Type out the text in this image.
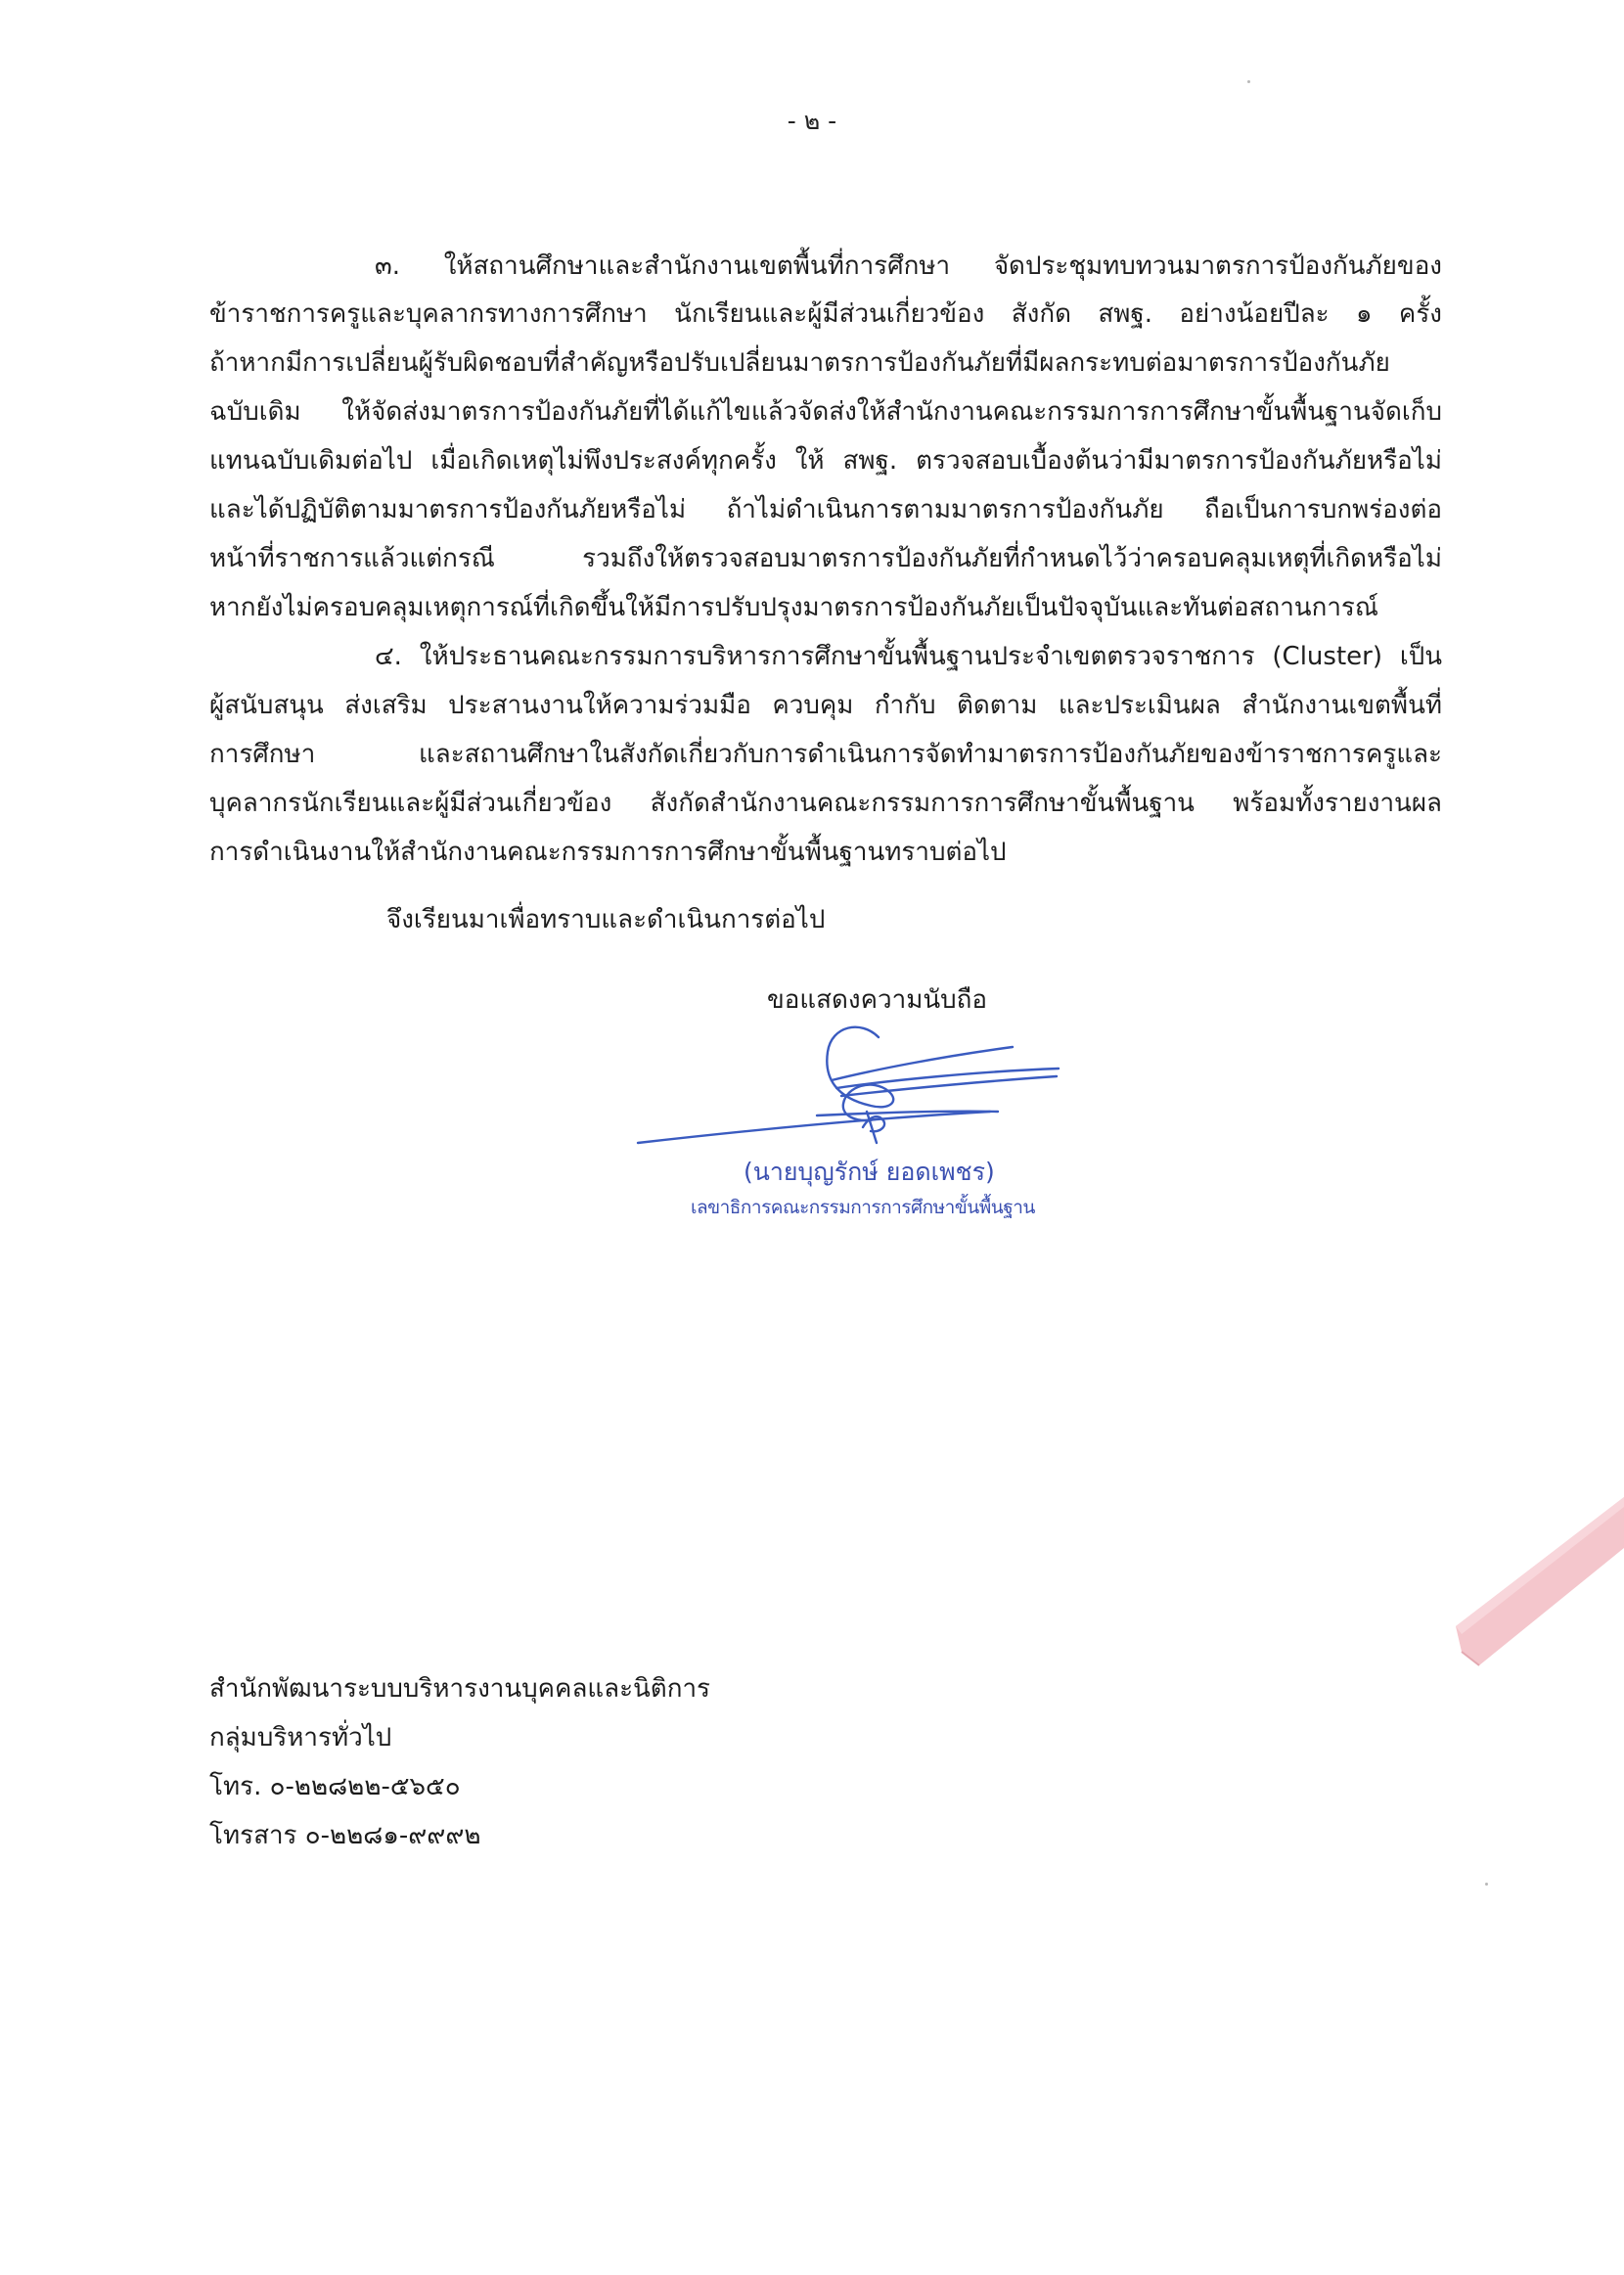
- ๒ -
๓. ให้สถานศึกษาและสำนักงานเขตพื้นที่การศึกษา จัดประชุมทบทวนมาตรการป้องกันภัยของ
ข้าราชการครูและบุคลากรทางการศึกษา นักเรียนและผู้มีส่วนเกี่ยวข้อง สังกัด สพฐ. อย่างน้อยปีละ ๑ ครั้ง
ถ้าหากมีการเปลี่ยนผู้รับผิดชอบที่สำคัญหรือปรับเปลี่ยนมาตรการป้องกันภัยที่มีผลกระทบต่อมาตรการป้องกันภัย
ฉบับเดิม ให้จัดส่งมาตรการป้องกันภัยที่ได้แก้ไขแล้วจัดส่งให้สำนักงานคณะกรรมการการศึกษาขั้นพื้นฐานจัดเก็บ
แทนฉบับเดิมต่อไป เมื่อเกิดเหตุไม่พึงประสงค์ทุกครั้ง ให้ สพฐ. ตรวจสอบเบื้องต้นว่ามีมาตรการป้องกันภัยหรือไม่
และได้ปฏิบัติตามมาตรการป้องกันภัยหรือไม่ ถ้าไม่ดำเนินการตามมาตรการป้องกันภัย ถือเป็นการบกพร่องต่อ
หน้าที่ราชการแล้วแต่กรณี รวมถึงให้ตรวจสอบมาตรการป้องกันภัยที่กำหนดไว้ว่าครอบคลุมเหตุที่เกิดหรือไม่
หากยังไม่ครอบคลุมเหตุการณ์ที่เกิดขึ้นให้มีการปรับปรุงมาตรการป้องกันภัยเป็นปัจจุบันและทันต่อสถานการณ์
๔. ให้ประธานคณะกรรมการบริหารการศึกษาขั้นพื้นฐานประจำเขตตรวจราชการ (Cluster) เป็น
ผู้สนับสนุน ส่งเสริม ประสานงานให้ความร่วมมือ ควบคุม กำกับ ติดตาม และประเมินผล สำนักงานเขตพื้นที่
การศึกษา และสถานศึกษาในสังกัดเกี่ยวกับการดำเนินการจัดทำมาตรการป้องกันภัยของข้าราชการครูและ
บุคลากรนักเรียนและผู้มีส่วนเกี่ยวข้อง สังกัดสำนักงานคณะกรรมการการศึกษาขั้นพื้นฐาน พร้อมทั้งรายงานผล
การดำเนินงานให้สำนักงานคณะกรรมการการศึกษาขั้นพื้นฐานทราบต่อไป
จึงเรียนมาเพื่อทราบและดำเนินการต่อไป
ขอแสดงความนับถือ
(นายบุญรักษ์ ยอดเพชร)
เลขาธิการคณะกรรมการการศึกษาขั้นพื้นฐาน
สำนักพัฒนาระบบบริหารงานบุคคลและนิติการ
กลุ่มบริหารทั่วไป
โทร. ๐-๒๒๘๒๒-๕๖๕๐
โทรสาร ๐-๒๒๘๑-๙๙๙๒
